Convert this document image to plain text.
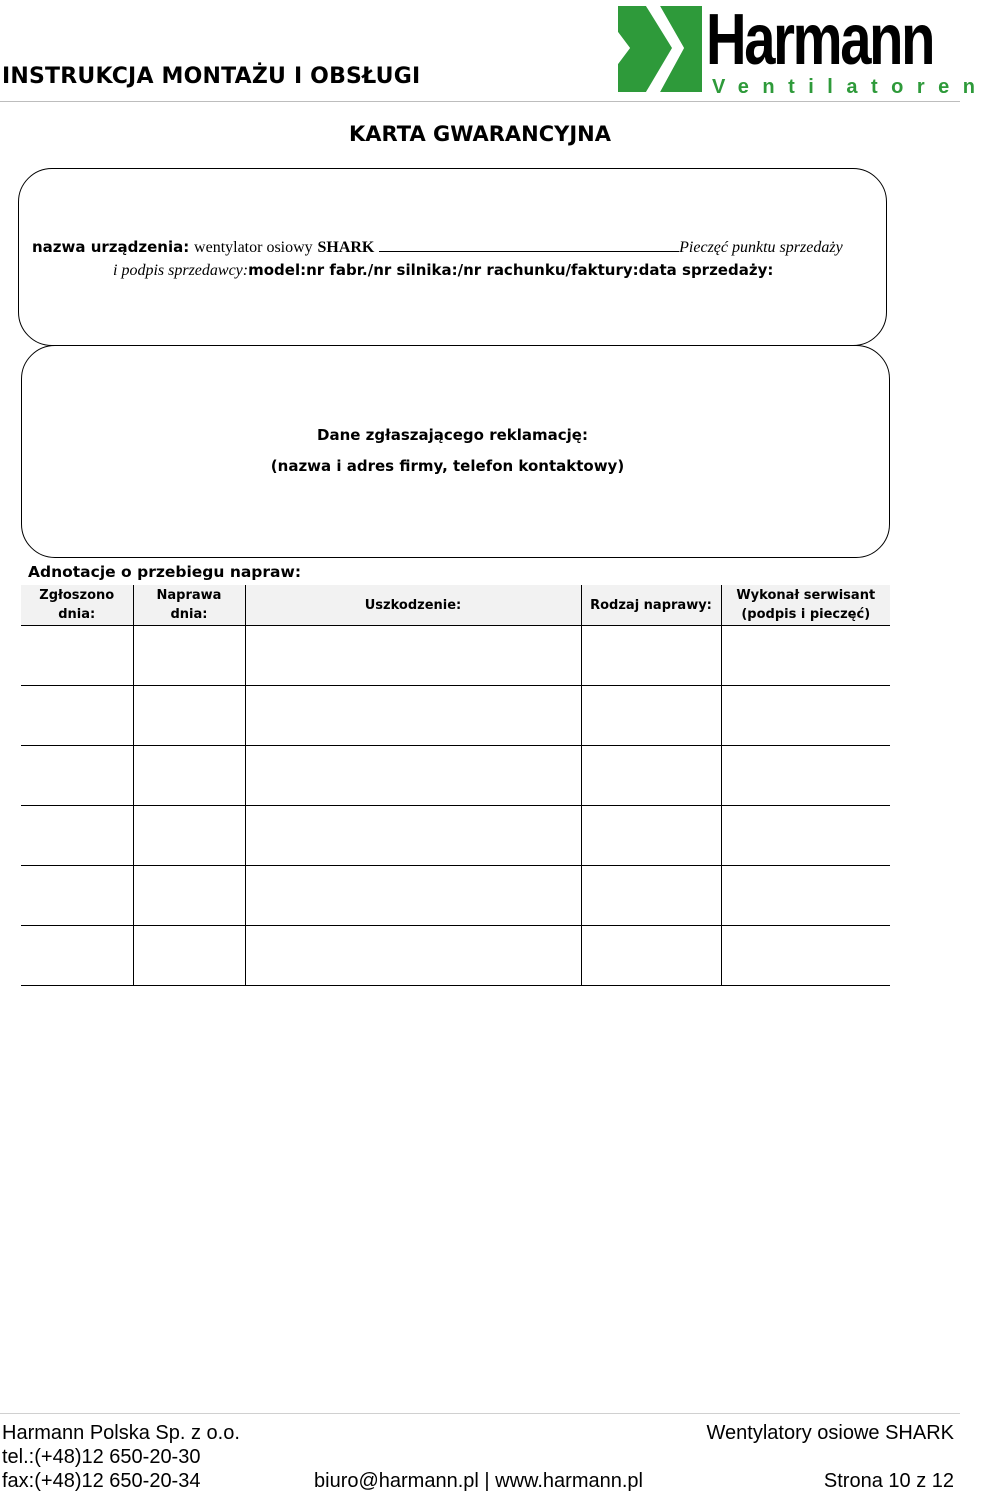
INSTRUKCJA MONTAŻU I OBSŁUGI	Harmann
Ventilatoren
KARTA GWARANCYJNA
nazwa urządzenia: wentylator osiowy SHARK	Pieczęć punktu sprzedaży
i podpis sprzedawcy:model:nr fabr./nr silnika:/nr rachunku/faktury:data sprzedaży:
Dane zgłaszającego reklamację:
(nazwa i adres firmy, telefon kontaktowy)
Adnotacje o przebiegu napraw:
Zgłoszono
dnia:	Naprawa
dnia:	Uszkodzenie:	Rodzaj naprawy:	Wykonał serwisant
(podpis i pieczęć)

Harmann Polska Sp. z o.o.
tel.:(+48)12 650-20-30
fax:(+48)12 650-20-34	biuro@harmann.pl | www.harmann.pl
Wentylatory osiowe SHARK
Strona 10 z 12
